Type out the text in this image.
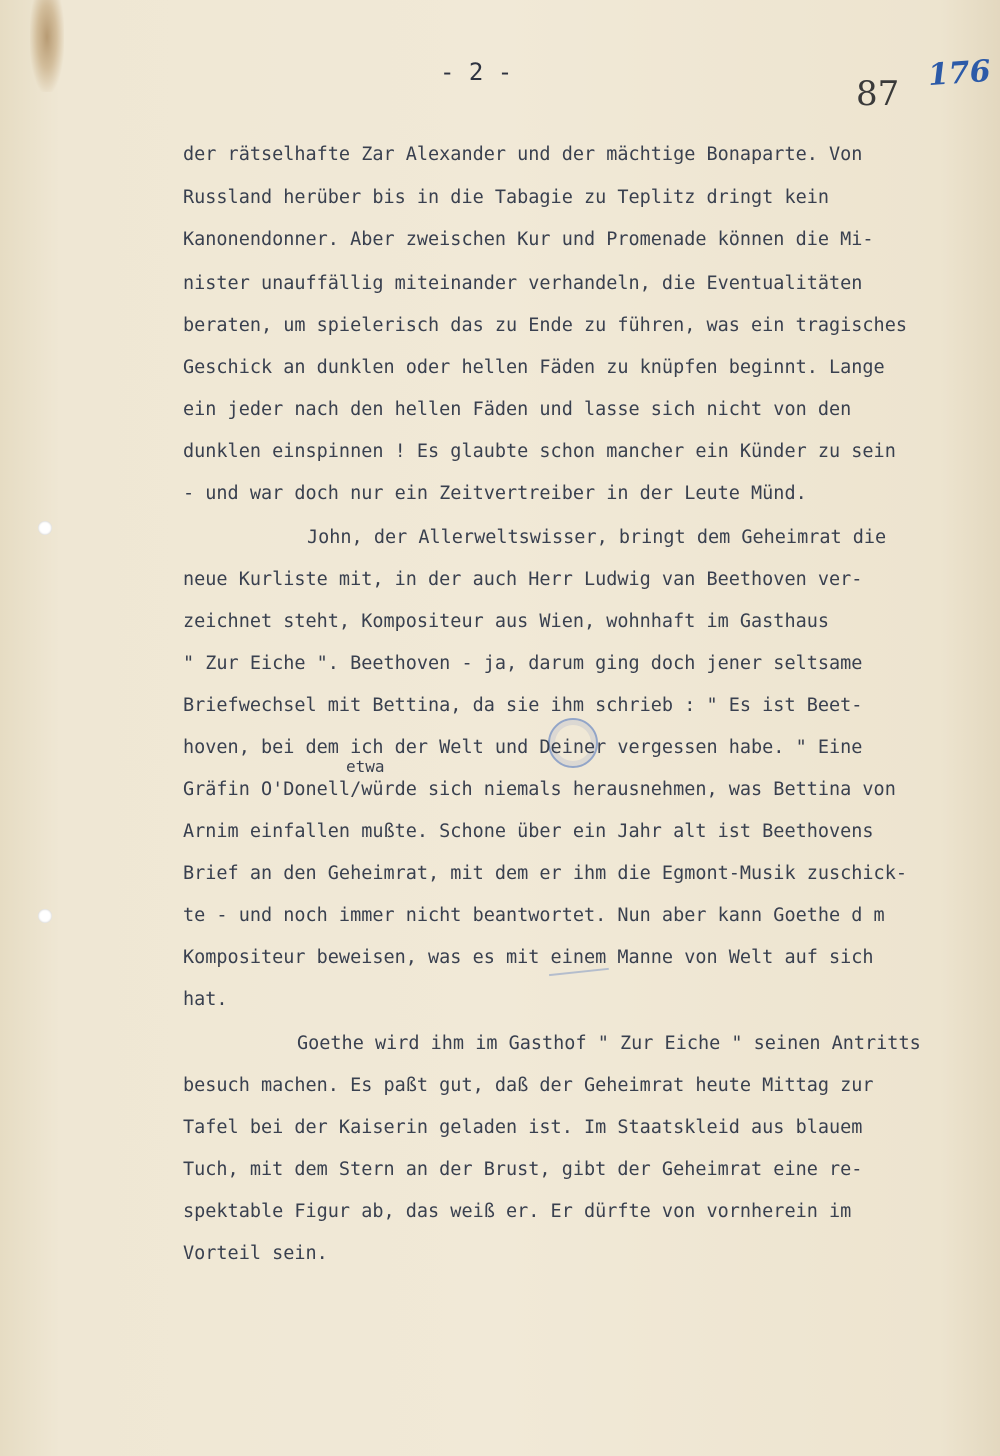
- 2 -
87
176
der rätselhafte Zar Alexander und der mächtige Bonaparte. Von
Russland herüber bis in die Tabagie zu Teplitz dringt kein
Kanonendonner. Aber zweischen Kur und Promenade können die Mi-
nister unauffällig miteinander verhandeln, die Eventualitäten
beraten, um spielerisch das zu Ende zu führen, was ein tragisches
Geschick an dunklen oder hellen Fäden zu knüpfen beginnt. Lange
ein jeder nach den hellen Fäden und lasse sich nicht von den
dunklen einspinnen ! Es glaubte schon mancher ein Künder zu sein
- und war doch nur ein Zeitvertreiber in der Leute Münd.
John, der Allerweltswisser, bringt dem Geheimrat die
neue Kurliste mit, in der auch Herr Ludwig van Beethoven ver-
zeichnet steht, Kompositeur aus Wien, wohnhaft im Gasthaus
" Zur Eiche ". Beethoven - ja, darum ging doch jener seltsame
Briefwechsel mit Bettina, da sie ihm schrieb : " Es ist Beet-
hoven, bei dem ich der Welt und Deiner vergessen habe. " Eine
Gräfin O'Donell/würde sich niemals herausnehmen, was Bettina von
Arnim einfallen mußte. Schone über ein Jahr alt ist Beethovens
Brief an den Geheimrat, mit dem er ihm die Egmont-Musik zuschick-
te - und noch immer nicht beantwortet. Nun aber kann Goethe d m
Kompositeur beweisen, was es mit einem Manne von Welt auf sich
hat.
Goethe wird ihm im Gasthof " Zur Eiche " seinen Antritts
besuch machen. Es paßt gut, daß der Geheimrat heute Mittag zur
Tafel bei der Kaiserin geladen ist. Im Staatskleid aus blauem
Tuch, mit dem Stern an der Brust, gibt der Geheimrat eine re-
spektable Figur ab, das weiß er. Er dürfte von vornherein im
Vorteil sein.
etwa
